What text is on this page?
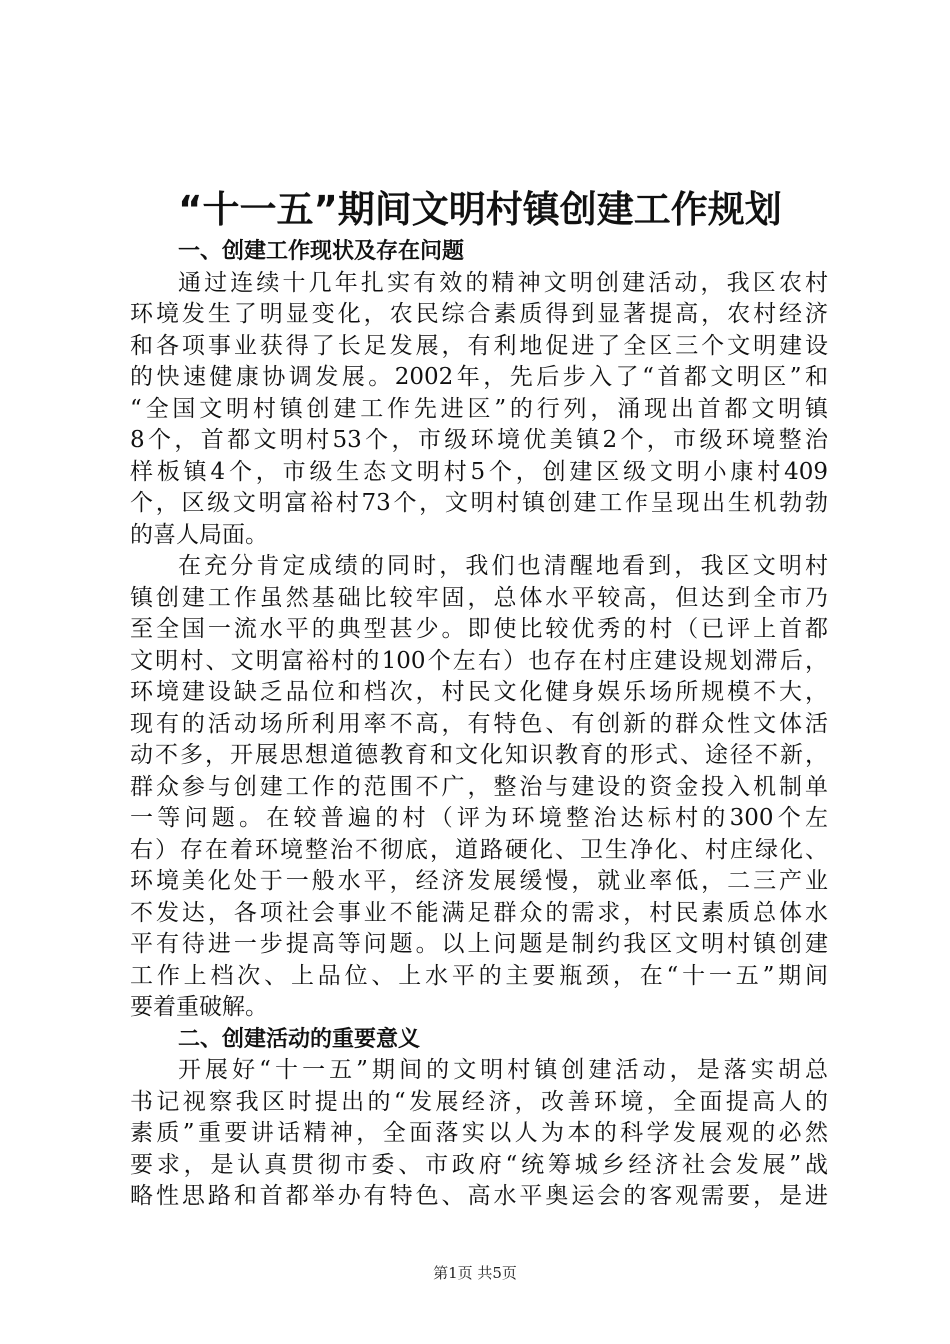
“十一五”期间文明村镇创建工作规划
一、创建工作现状及存在问题
通过连续十几年扎实有效的精神文明创建活动，我区农村
环境发生了明显变化，农民综合素质得到显著提高，农村经济
和各项事业获得了长足发展，有利地促进了全区三个文明建设
的快速健康协调发展。2002年，先后步入了“首都文明区”和
“全国文明村镇创建工作先进区”的行列，涌现出首都文明镇
8个，首都文明村53个，市级环境优美镇2个，市级环境整治
样板镇4个，市级生态文明村5个，创建区级文明小康村409
个，区级文明富裕村73个，文明村镇创建工作呈现出生机勃勃
的喜人局面。
在充分肯定成绩的同时，我们也清醒地看到，我区文明村
镇创建工作虽然基础比较牢固，总体水平较高，但达到全市乃
至全国一流水平的典型甚少。即使比较优秀的村（已评上首都
文明村、文明富裕村的100个左右）也存在村庄建设规划滞后，
环境建设缺乏品位和档次，村民文化健身娱乐场所规模不大，
现有的活动场所利用率不高，有特色、有创新的群众性文体活
动不多，开展思想道德教育和文化知识教育的形式、途径不新，
群众参与创建工作的范围不广，整治与建设的资金投入机制单
一等问题。在较普遍的村（评为环境整治达标村的300个左
右）存在着环境整治不彻底，道路硬化、卫生净化、村庄绿化、
环境美化处于一般水平，经济发展缓慢，就业率低，二三产业
不发达，各项社会事业不能满足群众的需求，村民素质总体水
平有待进一步提高等问题。以上问题是制约我区文明村镇创建
工作上档次、上品位、上水平的主要瓶颈，在“十一五”期间
要着重破解。
二、创建活动的重要意义
开展好“十一五”期间的文明村镇创建活动，是落实胡总
书记视察我区时提出的“发展经济，改善环境，全面提高人的
素质”重要讲话精神，全面落实以人为本的科学发展观的必然
要求，是认真贯彻市委、市政府“统筹城乡经济社会发展”战
略性思路和首都举办有特色、高水平奥运会的客观需要，是进
第1页 共5页
